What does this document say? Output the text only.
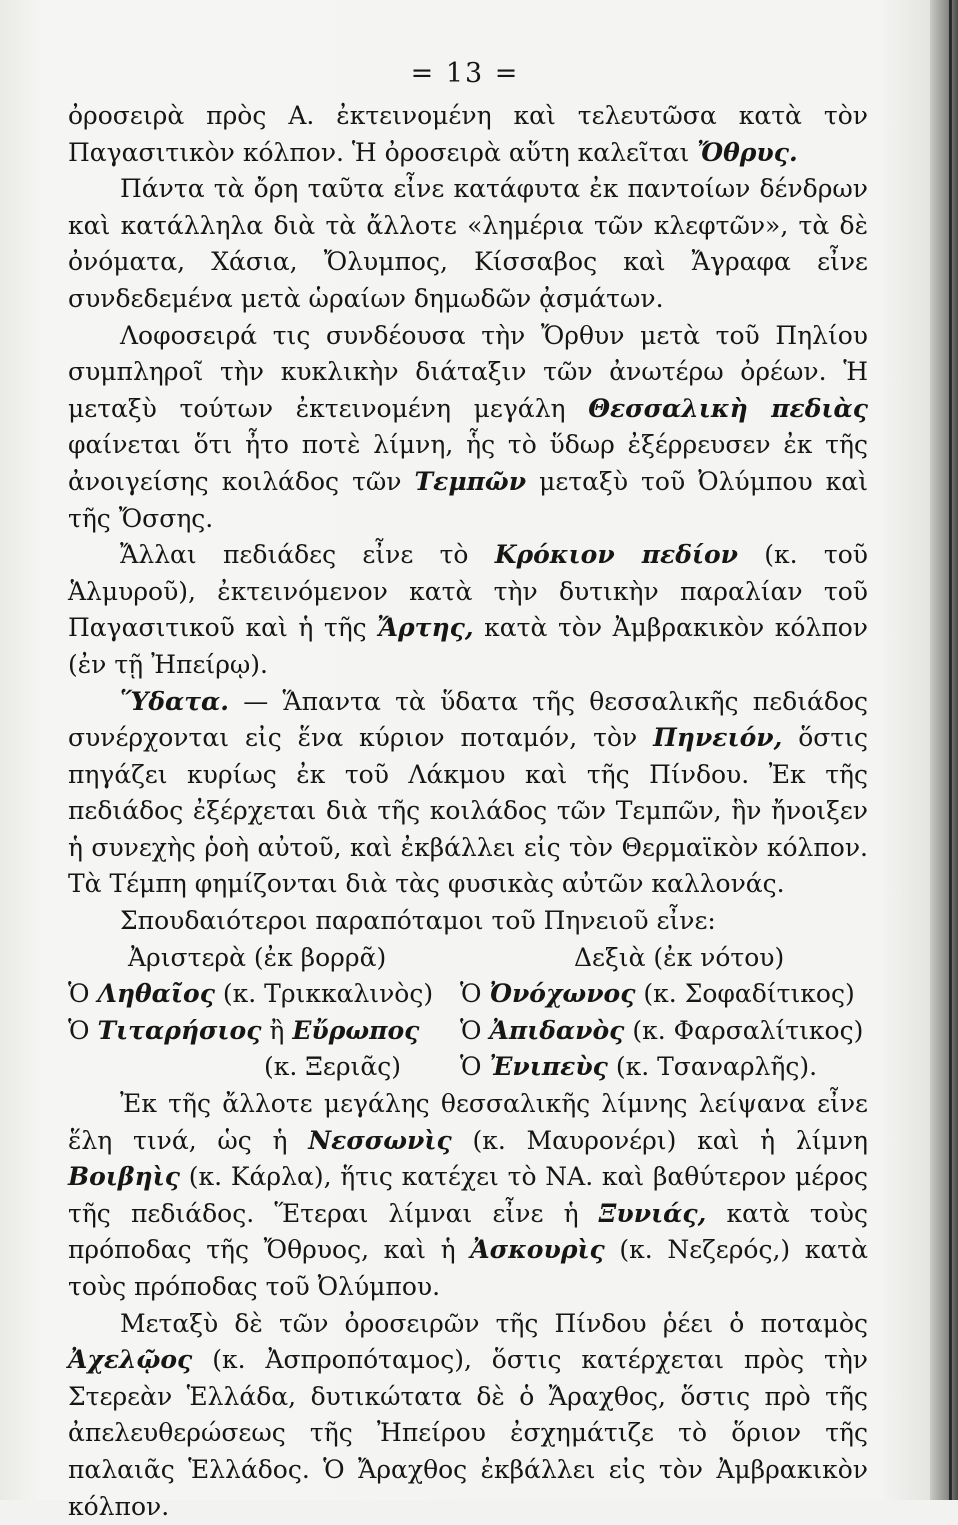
= 13 =

ὀροσειρὰ πρὸς Α. ἐκτεινομένη καὶ τελευτῶσα κατὰ τὸν Παγασιτικὸν κόλπον. Ἡ ὀροσειρὰ αὕτη καλεῖται Ὄθρυς.

Πάντα τὰ ὄρη ταῦτα εἶνε κατάφυτα ἐκ παντοίων δένδρων καὶ κατάλληλα διὰ τὰ ἄλλοτε «λημέρια τῶν κλεφτῶν», τὰ δὲ ὀνόματα, Χάσια, Ὄλυμπος, Κίσσαβος καὶ Ἄγραφα εἶνε συνδεδεμένα μετὰ ὡραίων δημωδῶν ᾀσμάτων.

Λοφοσειρά τις συνδέουσα τὴν Ὄρθυν μετὰ τοῦ Πηλίου συμπληροῖ τὴν κυκλικὴν διάταξιν τῶν ἀνωτέρω ὀρέων. Ἡ μεταξὺ τούτων ἐκτεινομένη μεγάλη Θεσσαλικὴ πεδιὰς φαίνεται ὅτι ἦτο ποτὲ λίμνη, ἧς τὸ ὕδωρ ἐξέρρευσεν ἐκ τῆς ἀνοιγείσης κοιλάδος τῶν Τεμπῶν μεταξὺ τοῦ Ὀλύμπου καὶ τῆς Ὄσσης.

Ἄλλαι πεδιάδες εἶνε τὸ Κρόκιον πεδίον (κ. τοῦ Ἁλμυροῦ), ἐκτεινόμενον κατὰ τὴν δυτικὴν παραλίαν τοῦ Παγασιτικοῦ καὶ ἡ τῆς Ἄρτης, κατὰ τὸν Ἀμβρακικὸν κόλπον (ἐν τῇ Ἠπείρῳ).

Ὕδατα. — Ἅπαντα τὰ ὕδατα τῆς θεσσαλικῆς πεδιάδος συνέρχονται εἰς ἕνα κύριον ποταμόν, τὸν Πηνειόν, ὅστις πηγάζει κυρίως ἐκ τοῦ Λάκμου καὶ τῆς Πίνδου. Ἐκ τῆς πεδιάδος ἐξέρχεται διὰ τῆς κοιλάδος τῶν Τεμπῶν, ἣν ἤνοιξεν ἡ συνεχὴς ῥοὴ αὐτοῦ, καὶ ἐκβάλλει εἰς τὸν Θερμαϊκὸν κόλπον. Τὰ Τέμπη φημίζονται διὰ τὰς φυσικὰς αὐτῶν καλλονάς.

Σπουδαιότεροι παραπόταμοι τοῦ Πηνειοῦ εἶνε:

Ἀριστερὰ (ἐκ βορρᾶ)	Δεξιὰ (ἐκ νότου)
Ὁ Ληθαῖος (κ. Τρικκαλινὸς)	Ὁ Ὀνόχωνος (κ. Σοφαδίτικος)
Ὁ Τιταρήσιος ἢ Εὔρωπος	Ὁ Ἀπιδανὸς (κ. Φαρσαλίτικος)
(κ. Ξεριᾶς)	Ὁ Ἐνιπεὺς (κ. Τσαναρλῆς).

Ἐκ τῆς ἄλλοτε μεγάλης θεσσαλικῆς λίμνης λείψανα εἶνε ἕλη τινά, ὡς ἡ Νεσσωνὶς (κ. Μαυρονέρι) καὶ ἡ λίμνη Βοιβηὶς (κ. Κάρλα), ἥτις κατέχει τὸ ΝΑ. καὶ βαθύτερον μέρος τῆς πεδιάδος. Ἕτεραι λίμναι εἶνε ἡ Ξυνιάς, κατὰ τοὺς πρόποδας τῆς Ὄθρυος, καὶ ἡ Ἀσκουρὶς (κ. Νεζερός,) κατὰ τοὺς πρόποδας τοῦ Ὀλύμπου.

Μεταξὺ δὲ τῶν ὀροσειρῶν τῆς Πίνδου ῥέει ὁ ποταμὸς Ἀχελῷος (κ. Ἀσπροπόταμος), ὅστις κατέρχεται πρὸς τὴν Στερεὰν Ἑλλάδα, δυτικώτατα δὲ ὁ Ἄραχθος, ὅστις πρὸ τῆς ἀπελευθερώσεως τῆς Ἠπείρου ἐσχημάτιζε τὸ ὅριον τῆς παλαιᾶς Ἑλλάδος. Ὁ Ἄραχθος ἐκβάλλει εἰς τὸν Ἀμβρακικὸν κόλπον.
